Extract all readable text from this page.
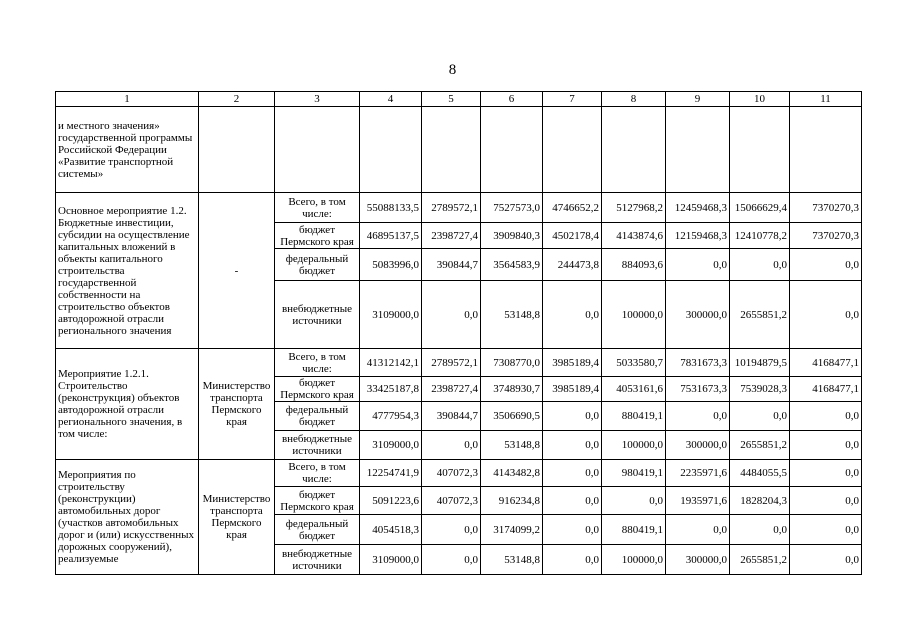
8
1	2	3	4	5	6	7	8	9	10	11
и местного значения» государственной программы Российской Федерации «Развитие транспортной системы»										
Основное мероприятие 1.2. Бюджетные инвестиции, субсидии на осуществление капитальных вложений в объекты капитального строительства государственной собственности на строительство объектов автодорожной отрасли регионального значения	-	Всего, в том числе:	55088133,5	2789572,1	7527573,0	4746652,2	5127968,2	12459468,3	15066629,4	7370270,3
		бюджет Пермского края	46895137,5	2398727,4	3909840,3	4502178,4	4143874,6	12159468,3	12410778,2	7370270,3
		федеральный бюджет	5083996,0	390844,7	3564583,9	244473,8	884093,6	0,0	0,0	0,0
		внебюджетные источники	3109000,0	0,0	53148,8	0,0	100000,0	300000,0	2655851,2	0,0
Мероприятие 1.2.1. Строительство (реконструкция) объектов автодорожной отрасли регионального значения, в том числе:	Министерство транспорта Пермского края	Всего, в том числе:	41312142,1	2789572,1	7308770,0	3985189,4	5033580,7	7831673,3	10194879,5	4168477,1
		бюджет Пермского края	33425187,8	2398727,4	3748930,7	3985189,4	4053161,6	7531673,3	7539028,3	4168477,1
		федеральный бюджет	4777954,3	390844,7	3506690,5	0,0	880419,1	0,0	0,0	0,0
		внебюджетные источники	3109000,0	0,0	53148,8	0,0	100000,0	300000,0	2655851,2	0,0
Мероприятия по строительству (реконструкции) автомобильных дорог (участков автомобильных дорог и (или) искусственных дорожных сооружений), реализуемые	Министерство транспорта Пермского края	Всего, в том числе:	12254741,9	407072,3	4143482,8	0,0	980419,1	2235971,6	4484055,5	0,0
		бюджет Пермского края	5091223,6	407072,3	916234,8	0,0	0,0	1935971,6	1828204,3	0,0
		федеральный бюджет	4054518,3	0,0	3174099,2	0,0	880419,1	0,0	0,0	0,0
		внебюджетные источники	3109000,0	0,0	53148,8	0,0	100000,0	300000,0	2655851,2	0,0
